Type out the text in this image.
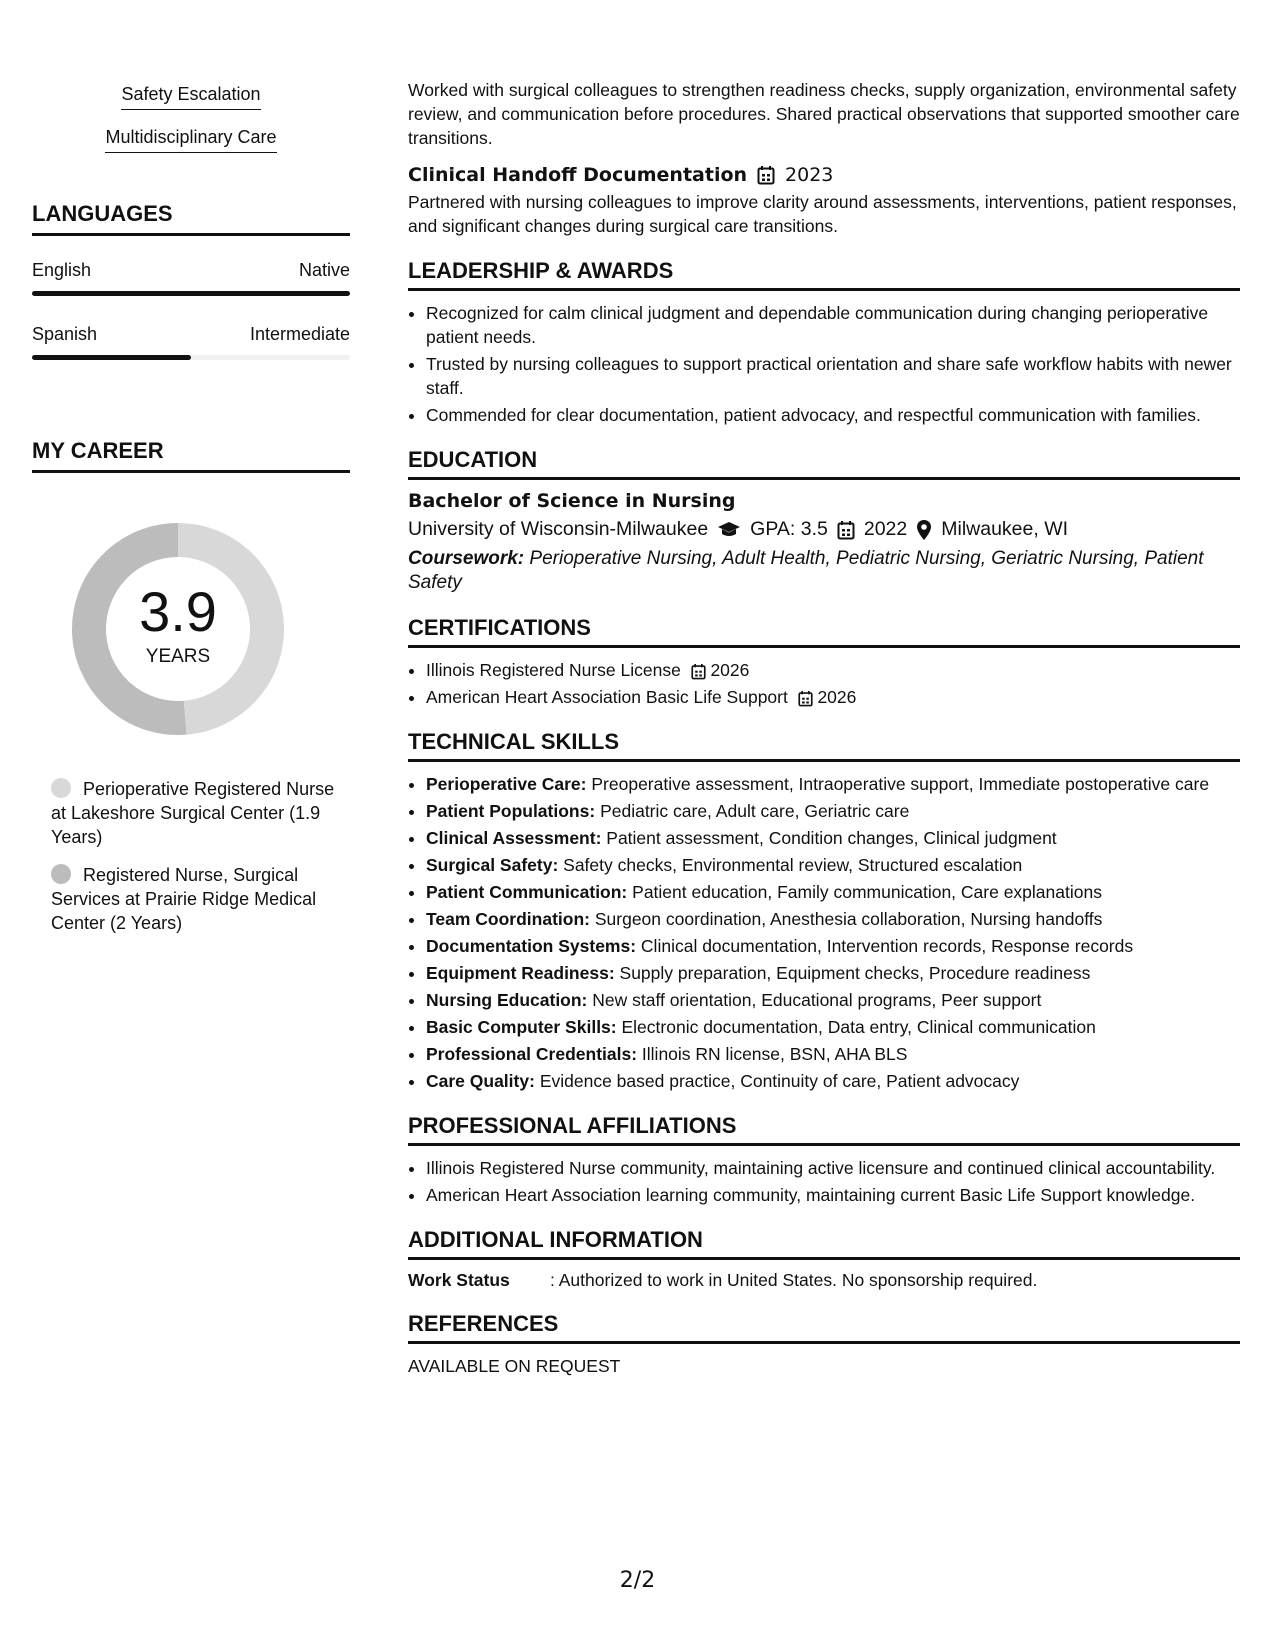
Safety Escalation
Multidisciplinary Care
LANGUAGES
English	Native
Spanish	Intermediate
MY CAREER
3.9
YEARS
Perioperative Registered Nurse at Lakeshore Surgical Center (1.9 Years)
Registered Nurse, Surgical Services at Prairie Ridge Medical Center (2 Years)

Worked with surgical colleagues to strengthen readiness checks, supply organization, environmental safety review, and communication before procedures. Shared practical observations that supported smoother care transitions.

Clinical Handoff Documentation 2023

Partnered with nursing colleagues to improve clarity around assessments, interventions, patient responses, and significant changes during surgical care transitions.

LEADERSHIP & AWARDS
• Recognized for calm clinical judgment and dependable communication during changing perioperative patient needs.
• Trusted by nursing colleagues to support practical orientation and share safe workflow habits with newer staff.
• Commended for clear documentation, patient advocacy, and respectful communication with families.
EDUCATION
Bachelor of Science in Nursing
University of Wisconsin-Milwaukee GPA: 3.5 2022 Milwaukee, WI
Coursework: Perioperative Nursing, Adult Health, Pediatric Nursing, Geriatric Nursing, Patient Safety
CERTIFICATIONS
• Illinois Registered Nurse License 2026
• American Heart Association Basic Life Support 2026
TECHNICAL SKILLS
• Perioperative Care: Preoperative assessment, Intraoperative support, Immediate postoperative care
• Patient Populations: Pediatric care, Adult care, Geriatric care
• Clinical Assessment: Patient assessment, Condition changes, Clinical judgment
• Surgical Safety: Safety checks, Environmental review, Structured escalation
• Patient Communication: Patient education, Family communication, Care explanations
• Team Coordination: Surgeon coordination, Anesthesia collaboration, Nursing handoffs
• Documentation Systems: Clinical documentation, Intervention records, Response records
• Equipment Readiness: Supply preparation, Equipment checks, Procedure readiness
• Nursing Education: New staff orientation, Educational programs, Peer support
• Basic Computer Skills: Electronic documentation, Data entry, Clinical communication
• Professional Credentials: Illinois RN license, BSN, AHA BLS
• Care Quality: Evidence based practice, Continuity of care, Patient advocacy
PROFESSIONAL AFFILIATIONS
• Illinois Registered Nurse community, maintaining active licensure and continued clinical accountability.
• American Heart Association learning community, maintaining current Basic Life Support knowledge.
ADDITIONAL INFORMATION
Work Status	: Authorized to work in United States. No sponsorship required.
REFERENCES
AVAILABLE ON REQUEST
2/2
